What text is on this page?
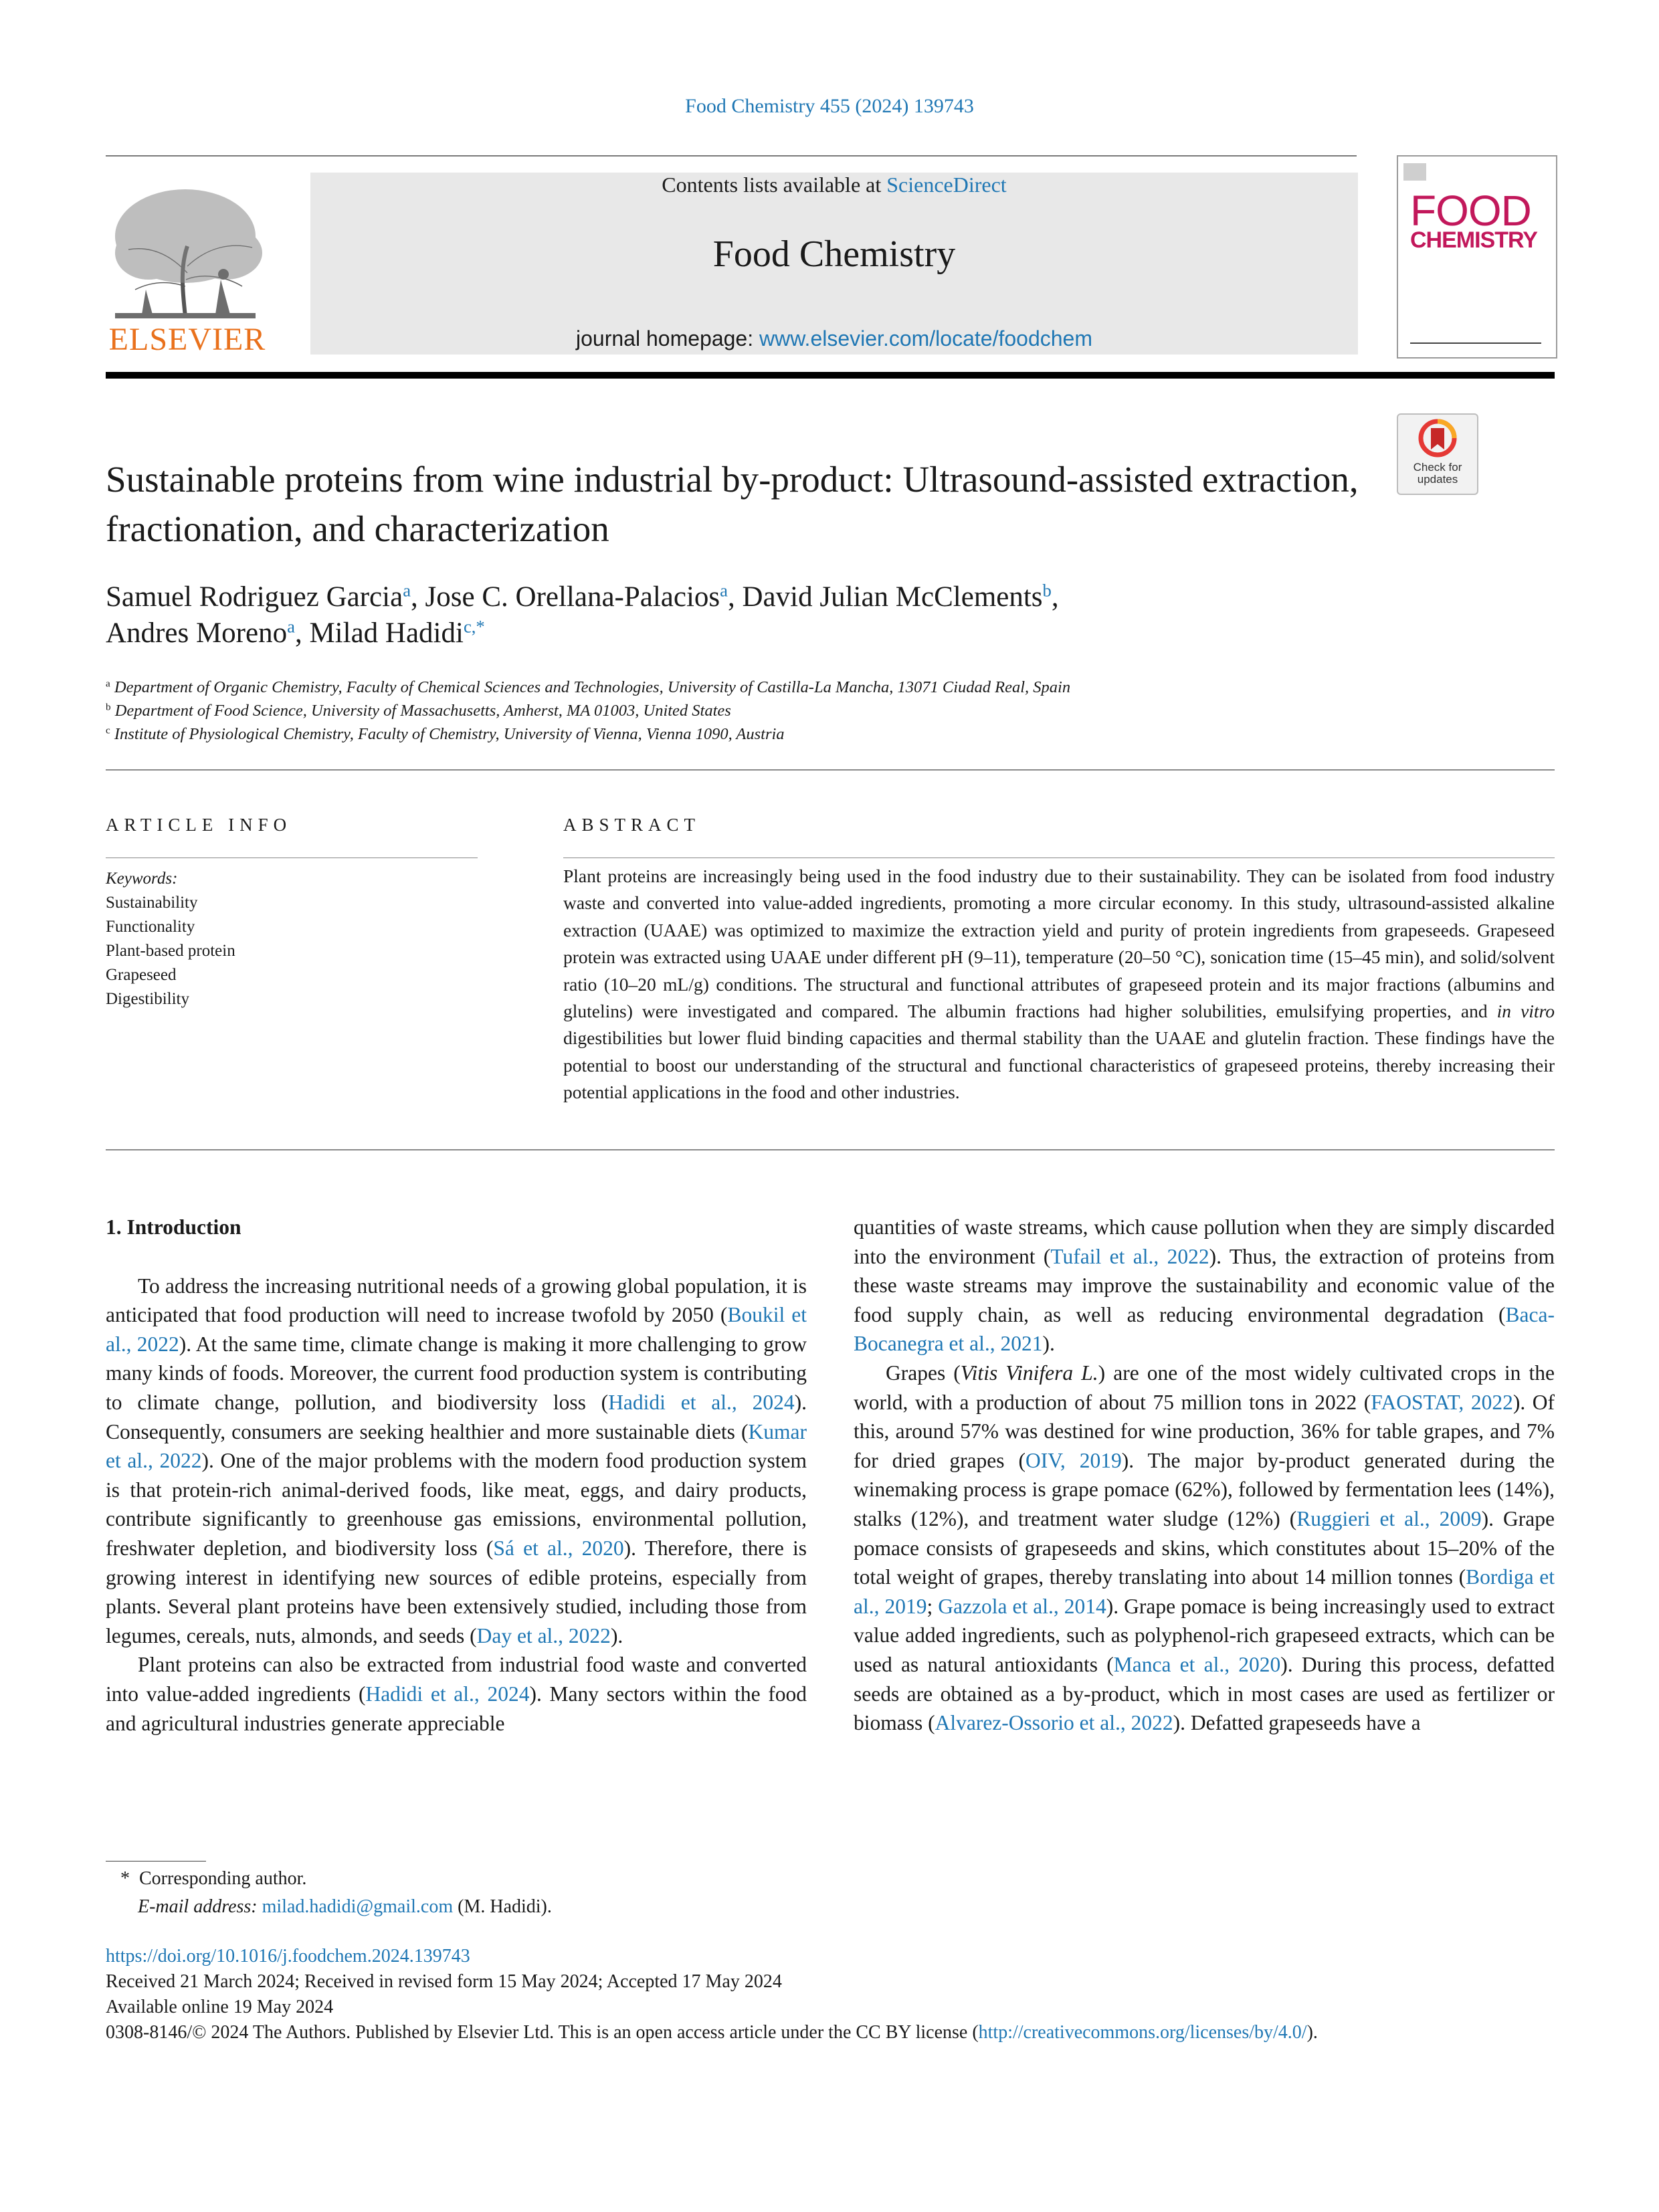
Food Chemistry 455 (2024) 139743
ELSEVIER
Contents lists available at ScienceDirect
Food Chemistry
journal homepage: www.elsevier.com/locate/foodchem
FOOD
CHEMISTRY
Check for updates
Sustainable proteins from wine industrial by-product: Ultrasound-assisted extraction, fractionation, and characterization
Samuel Rodriguez Garcia$^a$, Jose C. Orellana-Palacios$^a$, David Julian McClements$^b$,
Andres Moreno$^a$, Milad Hadidi$^{c,*}$
$^a$ Department of Organic Chemistry, Faculty of Chemical Sciences and Technologies, University of Castilla-La Mancha, 13071 Ciudad Real, Spain
$^b$ Department of Food Science, University of Massachusetts, Amherst, MA 01003, United States
$^c$ Institute of Physiological Chemistry, Faculty of Chemistry, University of Vienna, Vienna 1090, Austria
ARTICLE INFO	ABSTRACT
Keywords:
Sustainability
Functionality
Plant-based protein
Grapeseed
Digestibility
Plant proteins are increasingly being used in the food industry due to their sustainability. They can be isolated from food industry waste and converted into value-added ingredients, promoting a more circular economy. In this study, ultrasound-assisted alkaline extraction (UAAE) was optimized to maximize the extraction yield and purity of protein ingredients from grapeseeds. Grapeseed protein was extracted using UAAE under different pH (9–11), temperature (20–50 °C), sonication time (15–45 min), and solid/solvent ratio (10–20 mL/g) conditions. The structural and functional attributes of grapeseed protein and its major fractions (albumins and glutelins) were investigated and compared. The albumin fractions had higher solubilities, emulsifying properties, and in vitro digestibilities but lower fluid binding capacities and thermal stability than the UAAE and glutelin fraction. These findings have the potential to boost our understanding of the structural and functional characteristics of grapeseed proteins, thereby increasing their potential applications in the food and other industries.

1. Introduction

To address the increasing nutritional needs of a growing global population, it is anticipated that food production will need to increase twofold by 2050 (Boukil et al., 2022). At the same time, climate change is making it more challenging to grow many kinds of foods. Moreover, the current food production system is contributing to climate change, pollution, and biodiversity loss (Hadidi et al., 2024). Consequently, consumers are seeking healthier and more sustainable diets (Kumar et al., 2022). One of the major problems with the modern food production system is that protein-rich animal-derived foods, like meat, eggs, and dairy products, contribute significantly to greenhouse gas emissions, environmental pollution, freshwater depletion, and biodiversity loss (Sá et al., 2020). Therefore, there is growing interest in identifying new sources of edible proteins, especially from plants. Several plant proteins have been extensively studied, including those from legumes, cereals, nuts, almonds, and seeds (Day et al., 2022).

Plant proteins can also be extracted from industrial food waste and converted into value-added ingredients (Hadidi et al., 2024). Many sectors within the food and agricultural industries generate appreciable

quantities of waste streams, which cause pollution when they are simply discarded into the environment (Tufail et al., 2022). Thus, the extraction of proteins from these waste streams may improve the sustainability and economic value of the food supply chain, as well as reducing environmental degradation (Baca-Bocanegra et al., 2021).

Grapes (Vitis Vinifera L.) are one of the most widely cultivated crops in the world, with a production of about 75 million tons in 2022 (FAOSTAT, 2022). Of this, around 57% was destined for wine production, 36% for table grapes, and 7% for dried grapes (OIV, 2019). The major by-product generated during the winemaking process is grape pomace (62%), followed by fermentation lees (14%), stalks (12%), and treatment water sludge (12%) (Ruggieri et al., 2009). Grape pomace consists of grapeseeds and skins, which constitutes about 15–20% of the total weight of grapes, thereby translating into about 14 million tonnes (Bordiga et al., 2019; Gazzola et al., 2014). Grape pomace is being increasingly used to extract value added ingredients, such as polyphenol-rich grapeseed extracts, which can be used as natural antioxidants (Manca et al., 2020). During this process, defatted seeds are obtained as a by-product, which in most cases are used as fertilizer or biomass (Alvarez-Ossorio et al., 2022). Defatted grapeseeds have a

* Corresponding author.
E-mail address: milad.hadidi@gmail.com (M. Hadidi).
https://doi.org/10.1016/j.foodchem.2024.139743
Received 21 March 2024; Received in revised form 15 May 2024; Accepted 17 May 2024
Available online 19 May 2024
0308-8146/© 2024 The Authors. Published by Elsevier Ltd. This is an open access article under the CC BY license (http://creativecommons.org/licenses/by/4.0/).
